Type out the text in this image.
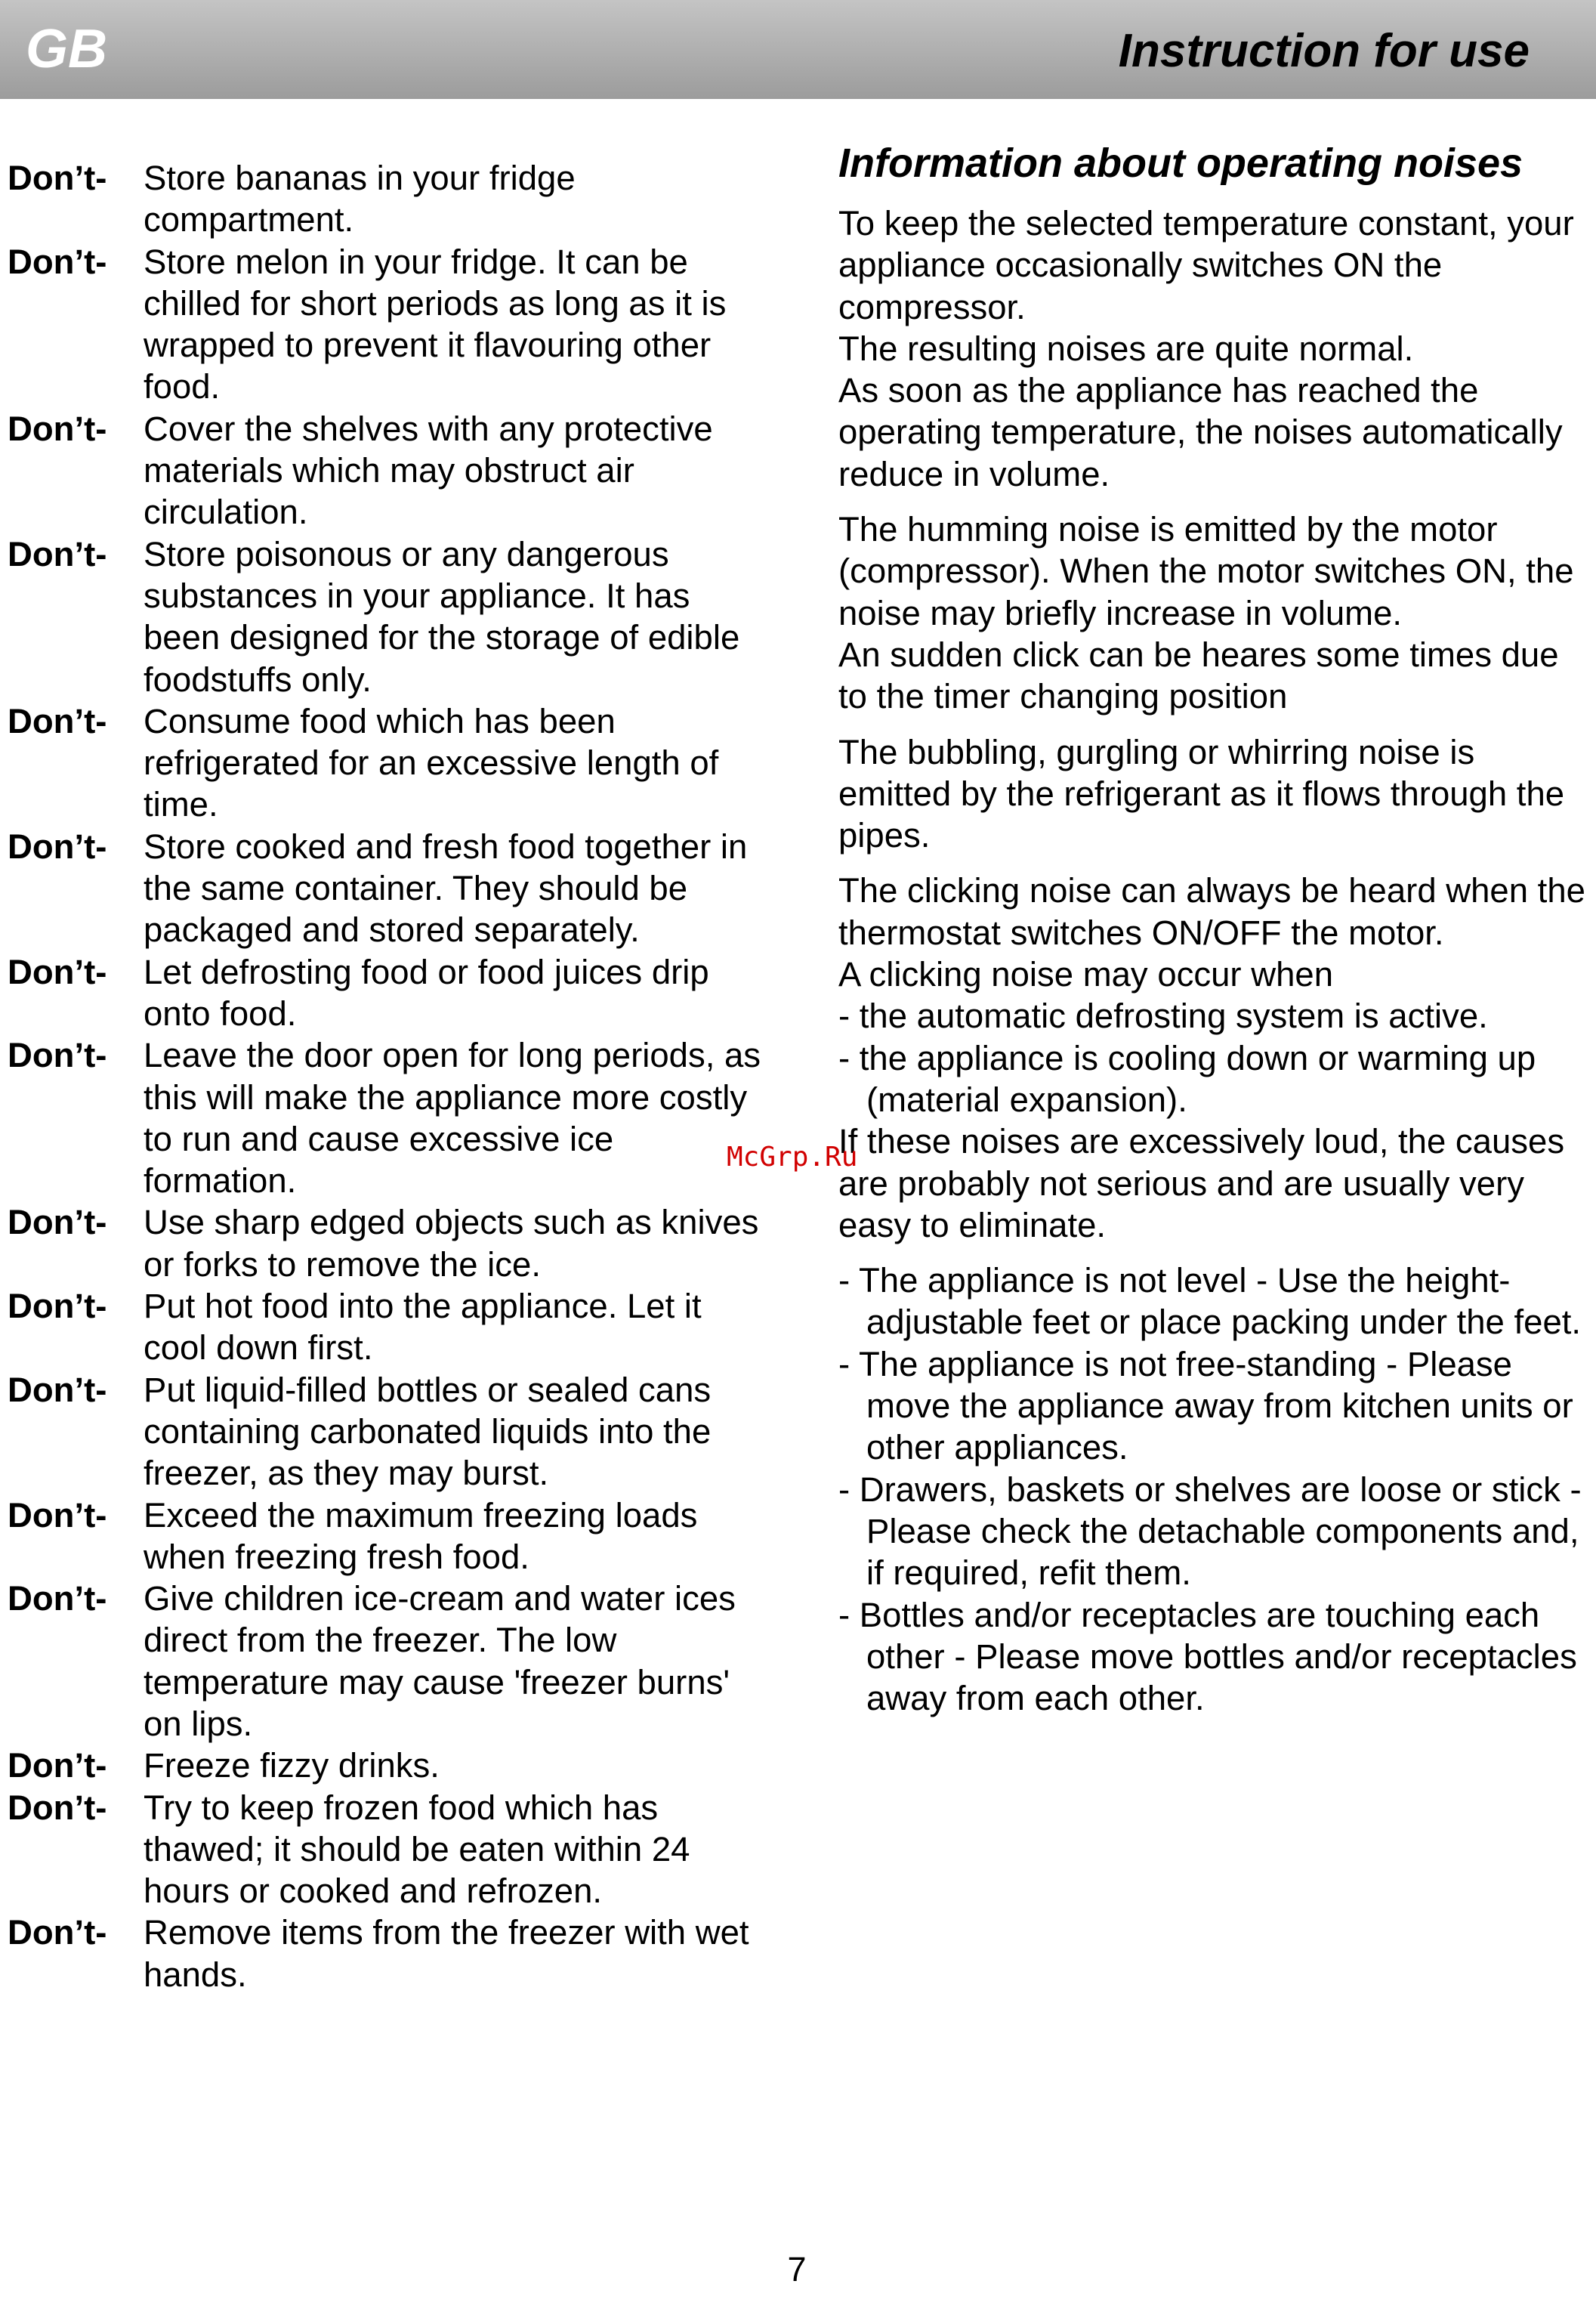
GB	Instruction for use
Don’t-	Store bananas in your fridge compartment.
Don’t-	Store melon in your fridge. It can be chilled for short periods as long as it is wrapped to prevent it flavouring other food.
Don’t-	Cover the shelves with any protective materials which may obstruct air circulation.
Don’t-	Store poisonous or any dangerous substances in your appliance. It has been designed for the storage of edible foodstuffs only.
Don’t-	Consume food which has been refrigerated for an excessive length of time.
Don’t-	Store cooked and fresh food together in the same container. They should be packaged and stored separately.
Don’t-	Let defrosting food or food juices drip onto food.
Don’t-	Leave the door open for long periods, as this will make the appliance more costly to run and cause excessive ice formation.
Don’t-	Use sharp edged objects such as knives or forks to remove the ice.
Don’t-	Put hot food into the appliance. Let it cool down first.
Don’t-	Put liquid-filled bottles or sealed cans containing carbonated liquids into the freezer, as they may burst.
Don’t-	Exceed the maximum freezing loads when freezing fresh food.
Don’t-	Give children ice-cream and water ices direct from the freezer. The low temperature may cause 'freezer burns' on lips.
Don’t-	Freeze fizzy drinks.
Don’t-	Try to keep frozen food which has thawed; it should be eaten within 24 hours or cooked and refrozen.
Don’t-	Remove items from the freezer with wet hands.
Information about operating noises

To keep the selected temperature constant, your appliance occasionally switches ON the compressor.

The resulting noises are quite normal.

As soon as the appliance has reached the operating temperature, the noises automatically reduce in volume.

The humming noise is emitted by the motor (compressor). When the motor switches ON, the noise may briefly increase in volume.

An sudden click can be heares some times due to the timer changing position

The bubbling, gurgling or whirring noise is emitted by the refrigerant as it flows through the pipes.

The clicking noise can always be heard when the thermostat switches ON/OFF the motor.

A clicking noise may occur when

- the automatic defrosting system is active.

- the appliance is cooling down or warming up (material expansion).

If these noises are excessively loud, the causes are probably not serious and are usually very easy to eliminate.

- The appliance is not level - Use the height-adjustable feet or place packing under the feet.

- The appliance is not free-standing - Please move the appliance away from kitchen units or other appliances.

- Drawers, baskets or shelves are loose or stick - Please check the detachable components and, if required, refit them.

- Bottles and/or receptacles are touching each other - Please move bottles and/or receptacles away from each other.

McGrp.Ru
7
